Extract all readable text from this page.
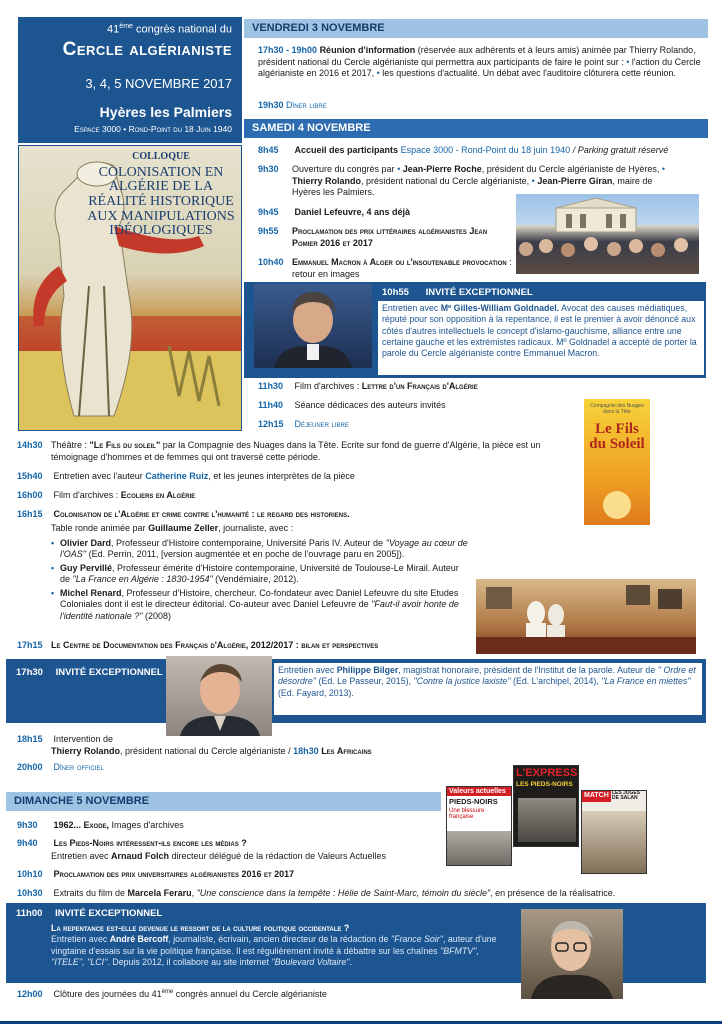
41ème congrès national du
Cercle algérianiste
3, 4, 5 NOVEMBRE 2017
Hyères les Palmiers
Espace 3000 • Rond-Point du 18 Juin 1940
COLLOQUE
COLONISATION EN ALGÉRIE DE LA RÉALITÉ HISTORIQUE AUX MANIPULATIONS IDÉOLOGIQUES
VENDREDI 3 NOVEMBRE
17h30 - 19h00 Réunion d'information (réservée aux adhérents et à leurs amis) animée par Thierry Rolando, président national du Cercle algérianiste qui permettra aux participants de faire le point sur : • l'action du Cercle algérianiste en 2016 et 2017, • les questions d'actualité. Un débat avec l'auditoire clôturera cette réunion.
19h30 Dîner libre
SAMEDI 4 NOVEMBRE
8h45 Accueil des participants Espace 3000 - Rond-Point du 18 juin 1940 / Parking gratuit réservé
9h30	Ouverture du congrès par • Jean-Pierre Roche, président du Cercle algérianiste de Hyères, • Thierry Rolando, président national du Cercle algérianiste, • Jean-Pierre Giran, maire de Hyères les Palmiers.
9h45 Daniel Lefeuvre, 4 ans déjà
9h55	Proclamation des prix littéraires algérianistes Jean Pomier 2016 et 2017
10h40 Emmanuel Macron à Alger ou l'insoutenable provocation : retour en images
10h55 INVITÉ EXCEPTIONNEL
Entretien avec Mº Gilles-William Goldnadel. Avocat des causes médiatiques, réputé pour son opposition à la repentance, il est le premier à avoir dénoncé aux côtés d'autres intellectuels le concept d'islamo-gauchisme, alliance entre une certaine gauche et les extrémistes radicaux. Mº Goldnadel a accepté de porter la parole du Cercle algérianiste contre Emmanuel Macron.
11h30 Film d'archives : Lettre d'un Français d'Algérie
11h40 Séance dédicaces des auteurs invités
12h15 Déjeuner libre
Compagnie des Nuages dans la Tête
Le Fils du Soleil
14h30 Théâtre : "Le Fils du soleil" par la Compagnie des Nuages dans la Tête. Ecrite sur fond de guerre d'Algérie, la pièce est un témoignage d'hommes et de femmes qui ont traversé cette période.
15h40 Entretien avec l'auteur Catherine Ruiz, et les jeunes interprètes de la pièce
16h00 Film d'archives : Ecoliers en Algérie
16h15 Colonisation de l'Algérie et crime contre l'humanité : le regard des historiens.
Table ronde animée par Guillaume Zeller, journaliste, avec :
• Olivier Dard, Professeur d'Histoire contemporaine, Université Paris IV. Auteur de ''Voyage au cœur de l'OAS'' (Ed. Perrin, 2011, [version augmentée et en poche de l'ouvrage paru en 2005]).
• Guy Pervillé, Professeur émérite d'Histoire contemporaine, Université de Toulouse-Le Mirail. Auteur de "La France en Algérie : 1830-1954" (Vendémiaire, 2012).
• Michel Renard, Professeur d'Histoire, chercheur. Co-fondateur avec Daniel Lefeuvre du site Etudes Coloniales dont il est le directeur éditorial. Co-auteur avec Daniel Lefeuvre de "Faut-il avoir honte de l'identité nationale ?" (2008)
17h15 Le Centre de Documentation des Français d'Algérie, 2012/2017 : bilan et perspectives
17h30 INVITÉ EXCEPTIONNEL	Entretien avec Philippe Bilger, magistrat honoraire, président de l'Institut de la parole. Auteur de '' Ordre et désordre'' (Ed. Le Passeur, 2015), ''Contre la justice laxiste'' (Ed. L'archipel, 2014), ''La France en miettes'' (Ed. Fayard, 2013).
18h15 Intervention de
Thierry Rolando, président national du Cercle algérianiste / 18h30 Les Africains
20h00 Dîner officiel
DIMANCHE 5 NOVEMBRE
Valeurs actuelles
PIEDS-NOIRS
Une blessure française
L'EXPRESS
LES PIEDS-NOIRS
MATCH LES JUGES DE SALAN
9h30 1962... Exode, Images d'archives
9h40 Les Pieds-Noirs intéressent-ils encore les médias ?
Entretien avec Arnaud Folch directeur délégué de la rédaction de Valeurs Actuelles
10h10 Proclamation des prix universitaires algérianistes 2016 et 2017
10h30 Extraits du film de Marcela Feraru, "Une conscience dans la tempête : Hélie de Saint-Marc, témoin du siècle", en présence de la réalisatrice.
11h00 INVITÉ EXCEPTIONNEL
La repentance est-elle devenue le ressort de la culture politique occidentale ?
Entretien avec André Bercoff, journaliste, écrivain, ancien directeur de la rédaction de ''France Soir'', auteur d'une vingtaine d'essais sur la vie politique française. Il est régulièrement invité à débattre sur les chaînes ''BFMTV'', ''ITELE'', ''LCI''. Depuis 2012, il collabore au site internet ''Boulevard Voltaire''.
12h00 Clôture des journées du 41ème congrès annuel du Cercle algérianiste
